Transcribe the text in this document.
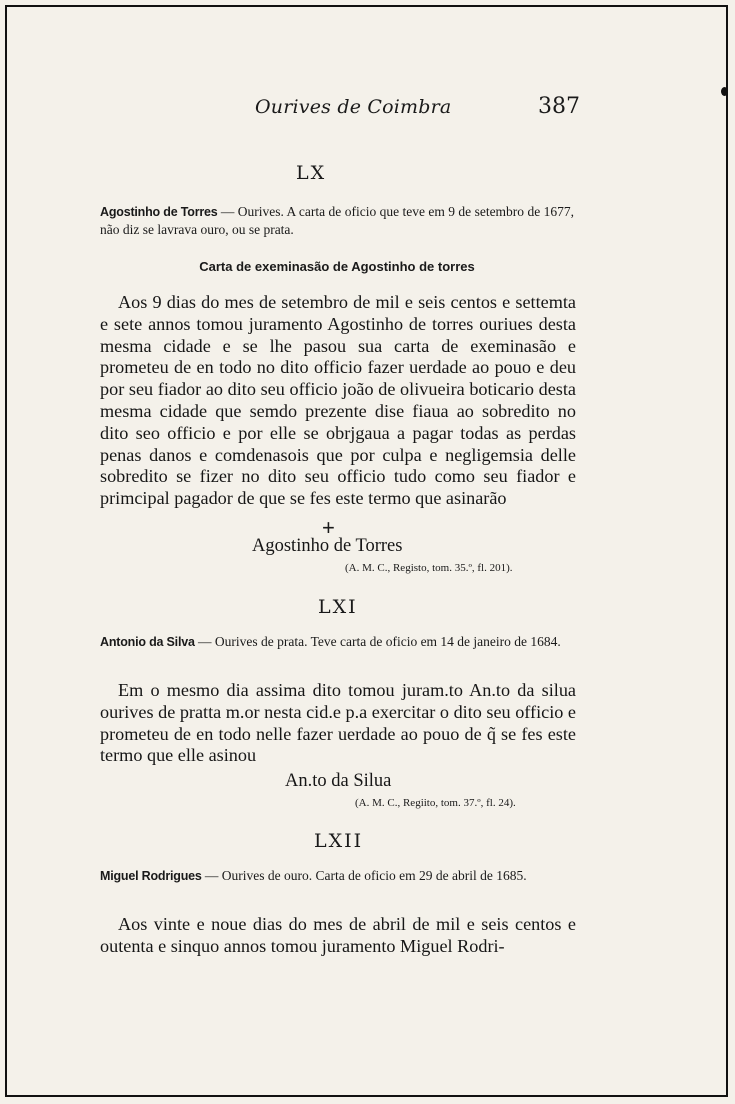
Ourives de Coimbra	387
LX
Agostinho de Torres — Ourives. A carta de oficio que teve em 9 de setembro de 1677, não diz se lavrava ouro, ou se prata.
Carta de exeminasão de Agostinho de torres
Aos 9 dias do mes de setembro de mil e seis centos e settemta e sete annos tomou juramento Agostinho de torres ouriues desta mesma cidade e se lhe pasou sua carta de exeminasão e prometeu de en todo no dito officio fazer uerdade ao pouo e deu por seu fiador ao dito seu officio joão de olivueira boticario desta mesma cidade que semdo prezente dise fiaua ao sobredito no dito seo officio e por elle se obrjgaua a pagar todas as perdas penas danos e comdenasois que por culpa e negligemsia delle sobredito se fizer no dito seu officio tudo como seu fiador e primcipal pagador de que se fes este termo que asinarão
+
Agostinho de Torres
(A. M. C., Registo, tom. 35.º, fl. 201).
LXI
Antonio da Silva — Ourives de prata. Teve carta de oficio em 14 de janeiro de 1684.
Em o mesmo dia assima dito tomou juram.to An.to da silua ourives de pratta m.or nesta cid.e p.a exercitar o dito seu officio e prometeu de en todo nelle fazer uerdade ao pouo de q̃ se fes este termo que elle asinou
An.to da Silua
(A. M. C., Regiito, tom. 37.º, fl. 24).
LXII
Miguel Rodrigues — Ourives de ouro. Carta de oficio em 29 de abril de 1685.
Aos vinte e noue dias do mes de abril de mil e seis centos e outenta e sinquo annos tomou juramento Miguel Rodri-
